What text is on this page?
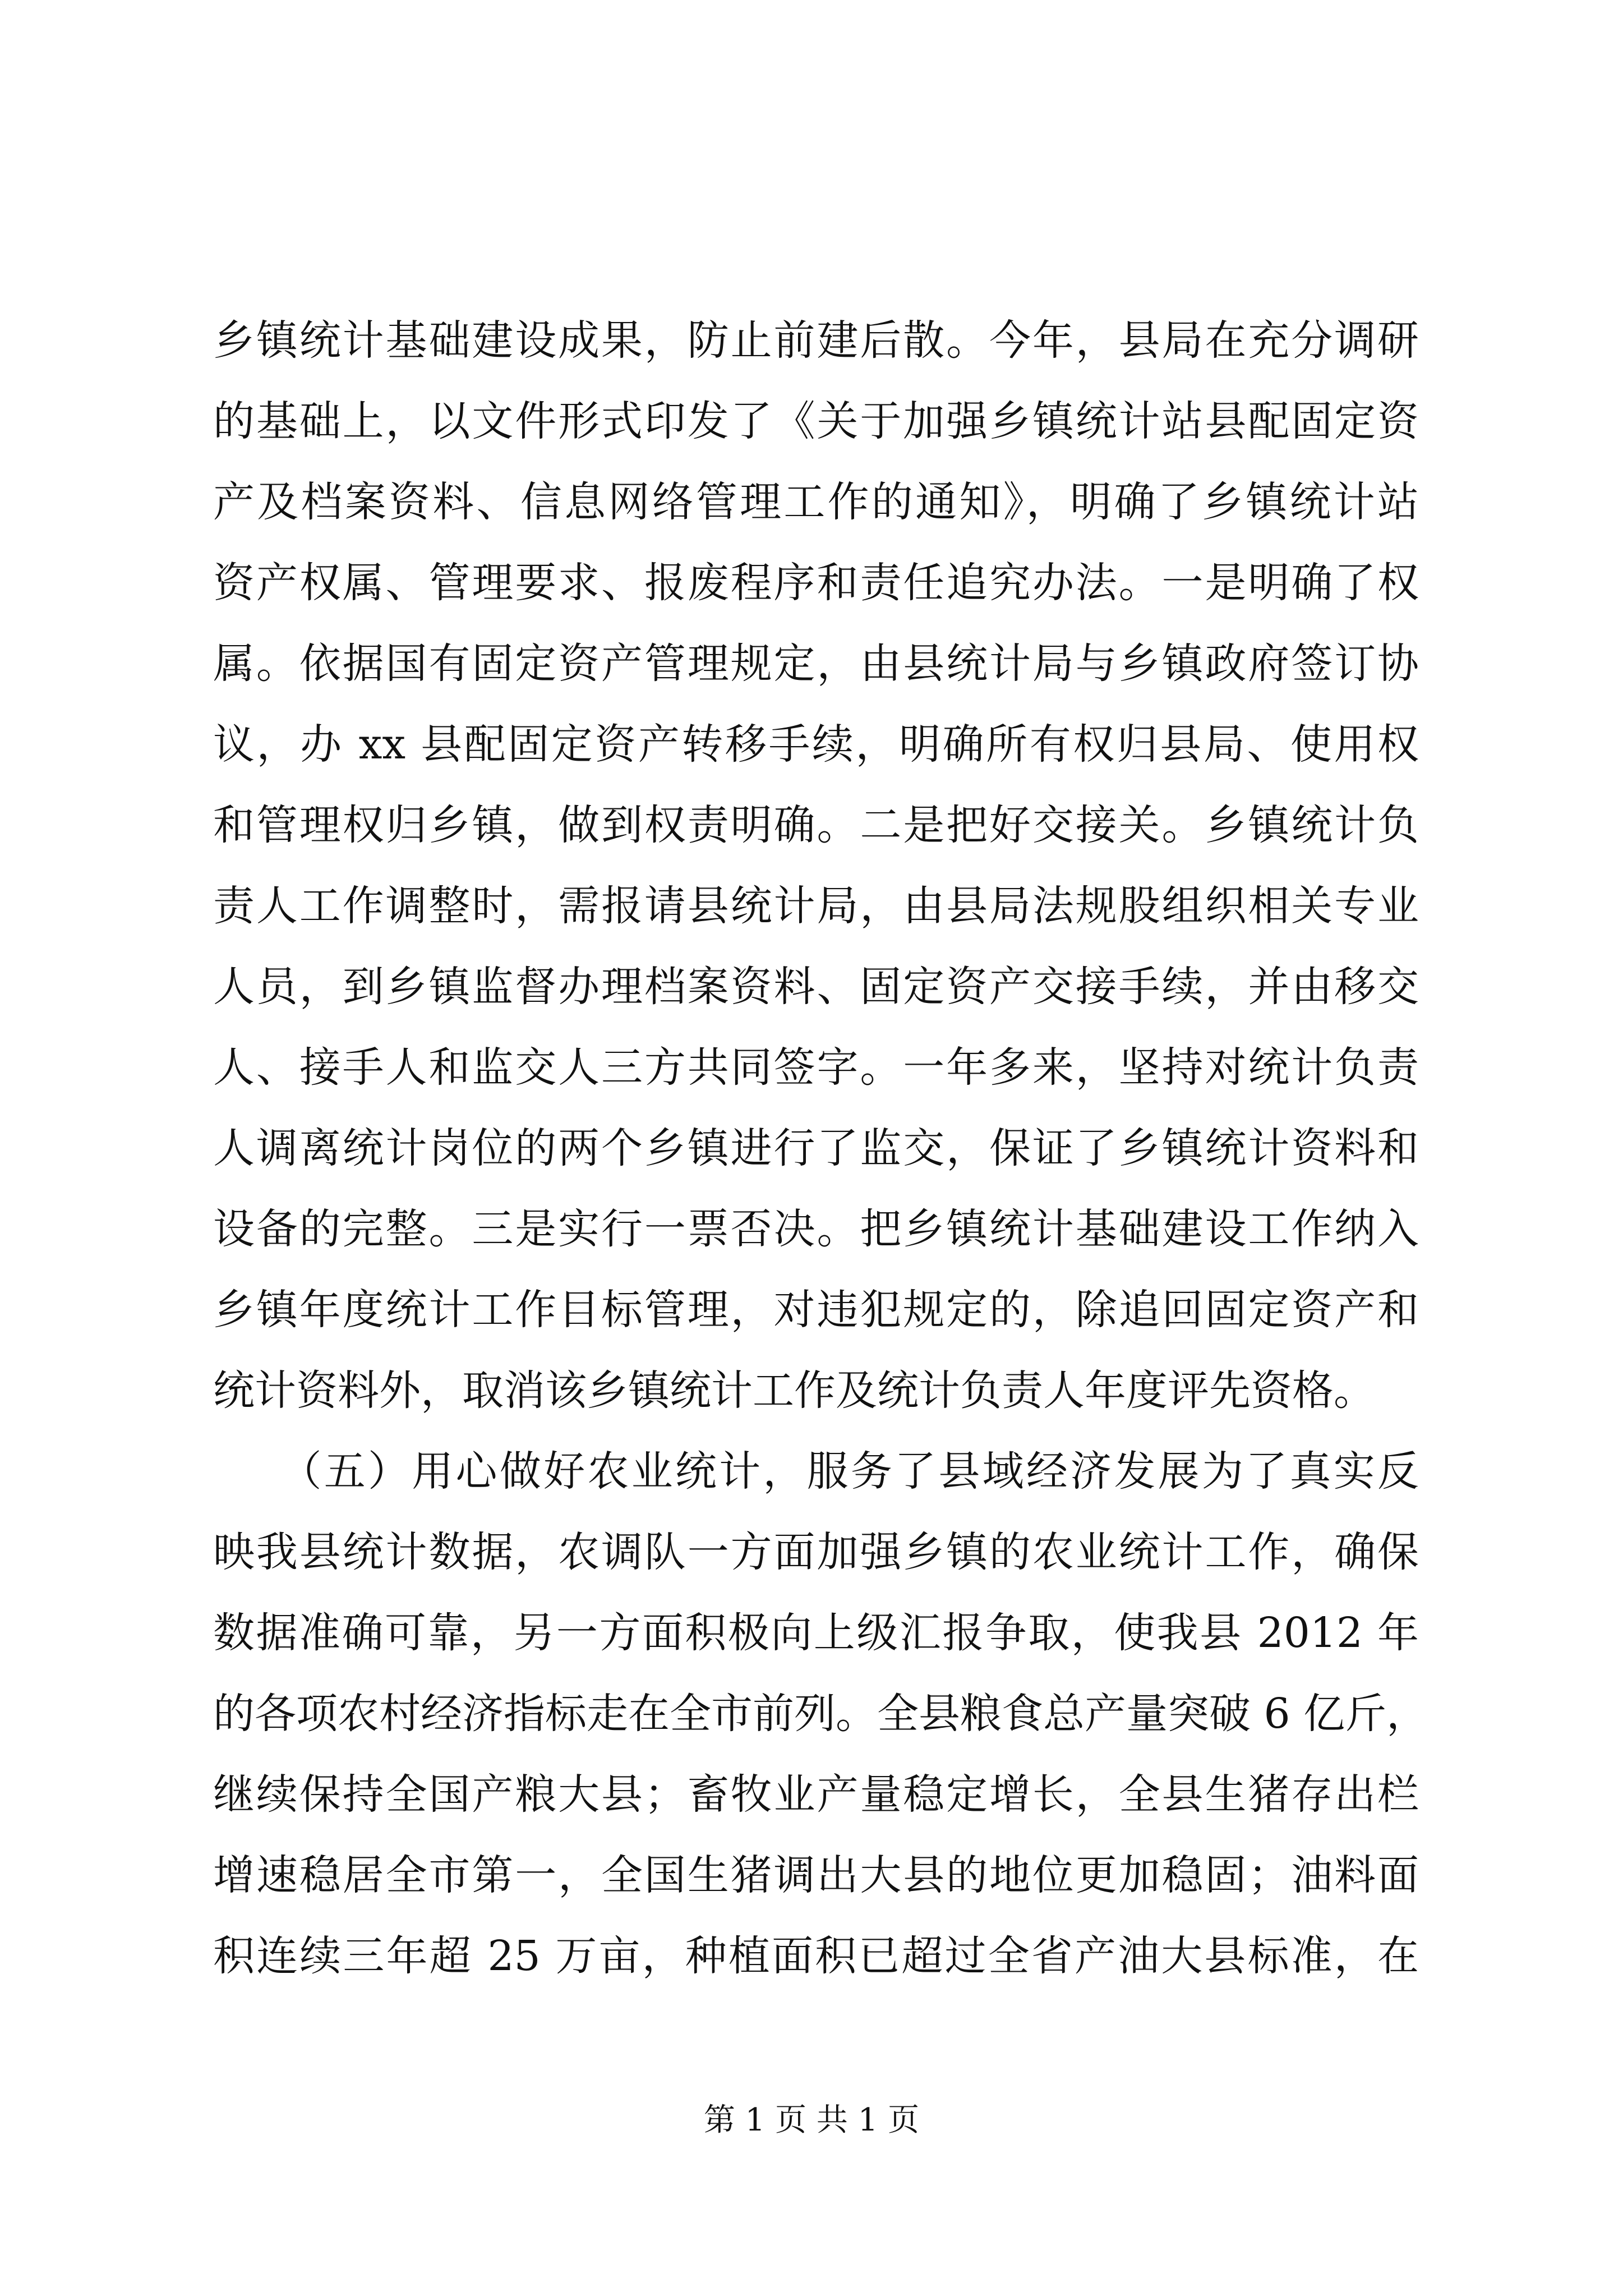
乡镇统计基础建设成果，防止前建后散。今年，县局在充分调研
的基础上，以文件形式印发了《关于加强乡镇统计站县配固定资
产及档案资料、信息网络管理工作的通知》，明确了乡镇统计站
资产权属、管理要求、报废程序和责任追究办法。一是明确了权
属。依据国有固定资产管理规定，由县统计局与乡镇政府签订协
议，办 xx 县配固定资产转移手续，明确所有权归县局、使用权
和管理权归乡镇，做到权责明确。二是把好交接关。乡镇统计负
责人工作调整时，需报请县统计局，由县局法规股组织相关专业
人员，到乡镇监督办理档案资料、固定资产交接手续，并由移交
人、接手人和监交人三方共同签字。一年多来，坚持对统计负责
人调离统计岗位的两个乡镇进行了监交，保证了乡镇统计资料和
设备的完整。三是实行一票否决。把乡镇统计基础建设工作纳入
乡镇年度统计工作目标管理，对违犯规定的，除追回固定资产和
统计资料外，取消该乡镇统计工作及统计负责人年度评先资格。
　　（五）用心做好农业统计，服务了县域经济发展为了真实反
映我县统计数据，农调队一方面加强乡镇的农业统计工作，确保
数据准确可靠，另一方面积极向上级汇报争取，使我县 2012 年
的各项农村经济指标走在全市前列。全县粮食总产量突破 6 亿斤，
继续保持全国产粮大县；畜牧业产量稳定增长，全县生猪存出栏
增速稳居全市第一，全国生猪调出大县的地位更加稳固；油料面
积连续三年超 25 万亩，种植面积已超过全省产油大县标准，在
第 1 页 共 1 页
